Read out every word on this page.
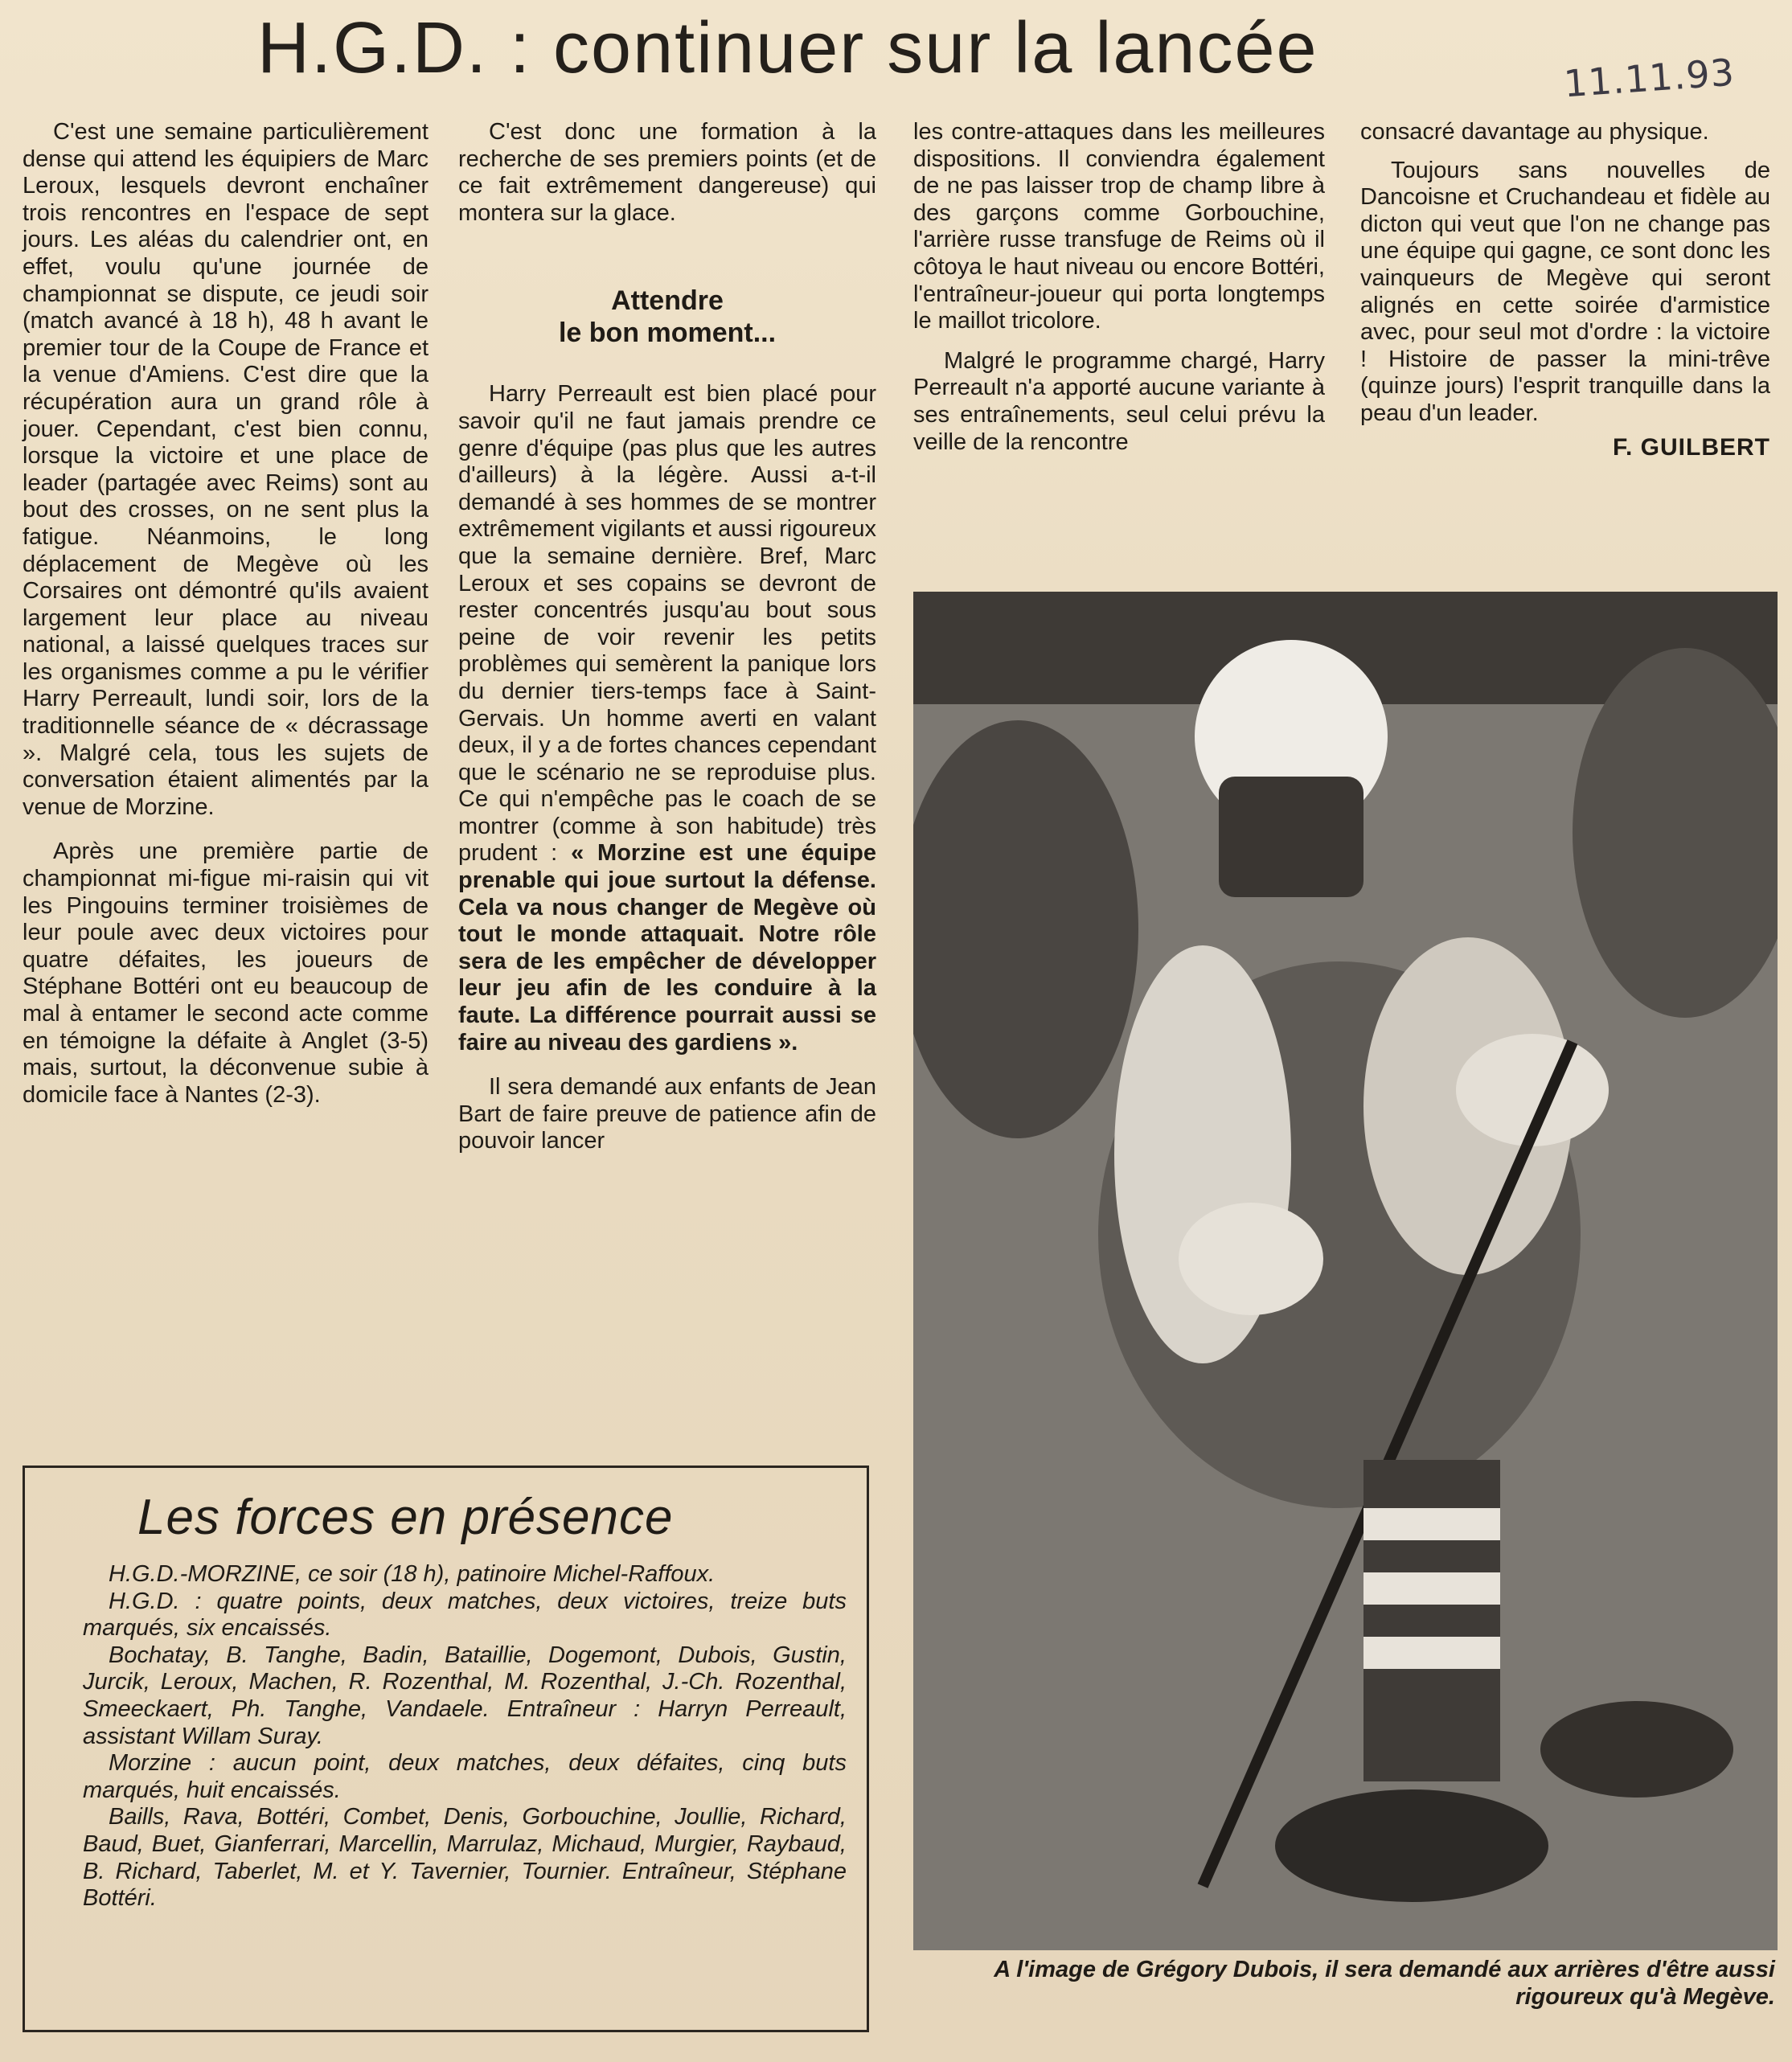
H.G.D. : continuer sur la lancée	11.11.93

C'est une semaine particulièrement dense qui attend les équipiers de Marc Leroux, lesquels devront enchaîner trois rencontres en l'espace de sept jours. Les aléas du calendrier ont, en effet, voulu qu'une journée de championnat se dispute, ce jeudi soir (match avancé à 18 h), 48 h avant le premier tour de la Coupe de France et la venue d'Amiens. C'est dire que la récupération aura un grand rôle à jouer. Cependant, c'est bien connu, lorsque la victoire et une place de leader (partagée avec Reims) sont au bout des crosses, on ne sent plus la fatigue. Néanmoins, le long déplacement de Megève où les Corsaires ont démontré qu'ils avaient largement leur place au niveau national, a laissé quelques traces sur les organismes comme a pu le vérifier Harry Perreault, lundi soir, lors de la traditionnelle séance de « décrassage ». Malgré cela, tous les sujets de conversation étaient alimentés par la venue de Morzine.

Après une première partie de championnat mi-figue mi-raisin qui vit les Pingouins terminer troisièmes de leur poule avec deux victoires pour quatre défaites, les joueurs de Stéphane Bottéri ont eu beaucoup de mal à entamer le second acte comme en témoigne la défaite à Anglet (3-5) mais, surtout, la déconvenue subie à domicile face à Nantes (2-3).

C'est donc une formation à la recherche de ses premiers points (et de ce fait extrêmement dangereuse) qui montera sur la glace.

Attendre
le bon moment...

Harry Perreault est bien placé pour savoir qu'il ne faut jamais prendre ce genre d'équipe (pas plus que les autres d'ailleurs) à la légère. Aussi a-t-il demandé à ses hommes de se montrer extrêmement vigilants et aussi rigoureux que la semaine dernière. Bref, Marc Leroux et ses copains se devront de rester concentrés jusqu'au bout sous peine de voir revenir les petits problèmes qui semèrent la panique lors du dernier tiers-temps face à Saint-Gervais. Un homme averti en valant deux, il y a de fortes chances cependant que le scénario ne se reproduise plus. Ce qui n'empêche pas le coach de se montrer (comme à son habitude) très prudent : « Morzine est une équipe prenable qui joue surtout la défense. Cela va nous changer de Megève où tout le monde attaquait. Notre rôle sera de les empêcher de développer leur jeu afin de les conduire à la faute. La différence pourrait aussi se faire au niveau des gardiens ».

Il sera demandé aux enfants de Jean Bart de faire preuve de patience afin de pouvoir lancer

les contre-attaques dans les meilleures dispositions. Il conviendra également de ne pas laisser trop de champ libre à des garçons comme Gorbouchine, l'arrière russe transfuge de Reims où il côtoya le haut niveau ou encore Bottéri, l'entraîneur-joueur qui porta longtemps le maillot tricolore.

Malgré le programme chargé, Harry Perreault n'a apporté aucune variante à ses entraînements, seul celui prévu la veille de la rencontre

consacré davantage au physique.

Toujours sans nouvelles de Dancoisne et Cruchandeau et fidèle au dicton qui veut que l'on ne change pas une équipe qui gagne, ce sont donc les vainqueurs de Megève qui seront alignés en cette soirée d'armistice avec, pour seul mot d'ordre : la victoire ! Histoire de passer la mini-trêve (quinze jours) l'esprit tranquille dans la peau d'un leader.

F. GUILBERT
Les forces en présence

H.G.D.-MORZINE, ce soir (18 h), patinoire Michel-Raffoux.

H.G.D. : quatre points, deux matches, deux victoires, treize buts marqués, six encaissés.

Bochatay, B. Tanghe, Badin, Bataillie, Dogemont, Dubois, Gustin, Jurcik, Leroux, Machen, R. Rozenthal, M. Rozenthal, J.-Ch. Rozenthal, Smeeckaert, Ph. Tanghe, Vandaele. Entraîneur : Harryn Perreault, assistant Willam Suray.

Morzine : aucun point, deux matches, deux défaites, cinq buts marqués, huit encaissés.

Baills, Rava, Bottéri, Combet, Denis, Gorbouchine, Joullie, Richard, Baud, Buet, Gianferrari, Marcellin, Marrulaz, Michaud, Murgier, Raybaud, B. Richard, Taberlet, M. et Y. Tavernier, Tournier. Entraîneur, Stéphane Bottéri.

A l'image de Grégory Dubois, il sera demandé aux arrières d'être aussi rigoureux qu'à Megève.
